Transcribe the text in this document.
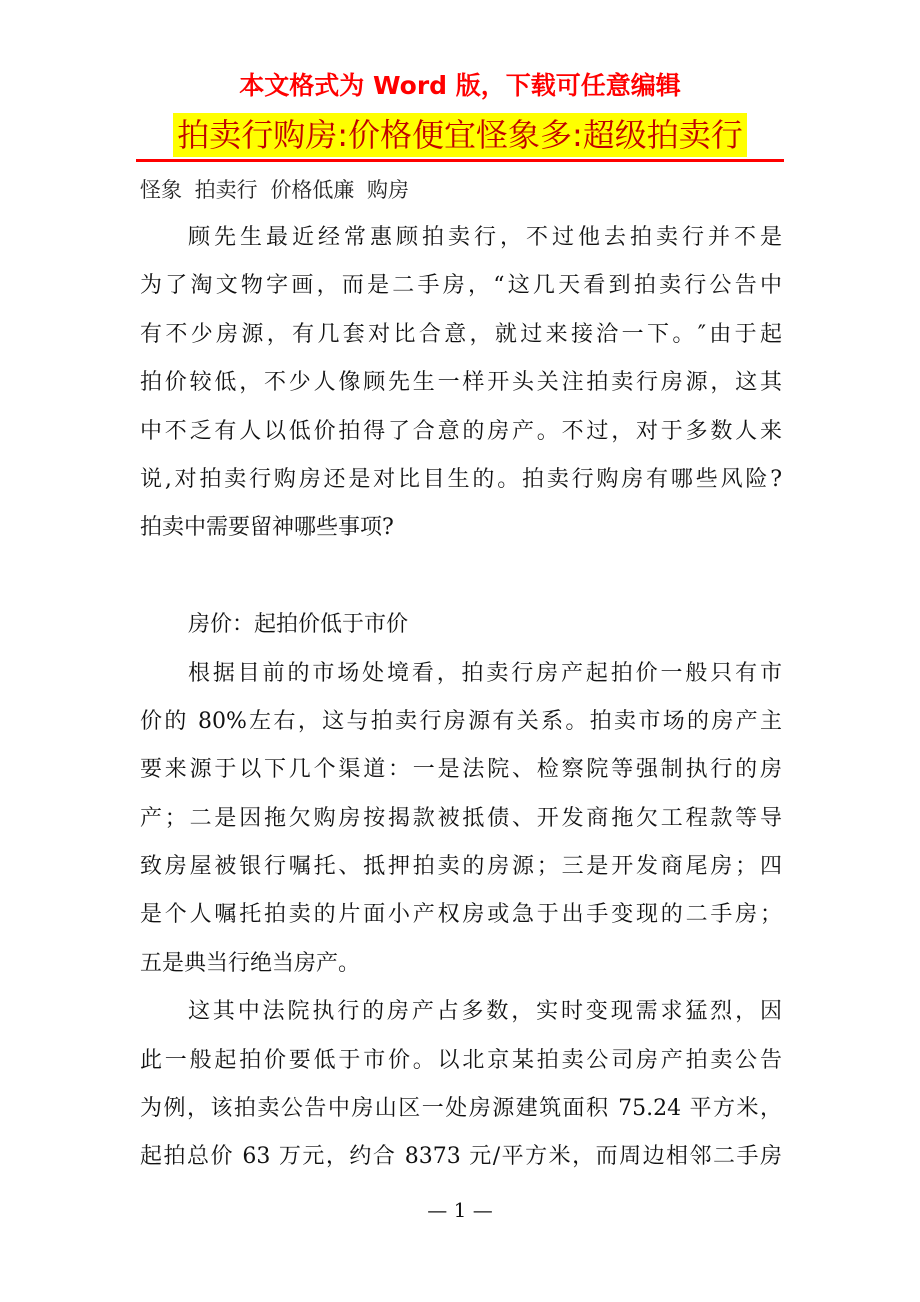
本文格式为 Word 版，下载可任意编辑
拍卖行购房:价格便宜怪象多:超级拍卖行
怪象 拍卖行 价格低廉 购房
顾先生最近经常惠顾拍卖行，不过他去拍卖行并不是
为了淘文物字画，而是二手房，“这几天看到拍卖行公告中
有不少房源，有几套对比合意，就过来接洽一下。″由于起
拍价较低，不少人像顾先生一样开头关注拍卖行房源，这其
中不乏有人以低价拍得了合意的房产。不过，对于多数人来
说,对拍卖行购房还是对比目生的。拍卖行购房有哪些风险?
拍卖中需要留神哪些事项?
房价：起拍价低于市价
根据目前的市场处境看，拍卖行房产起拍价一般只有市
价的 80%左右，这与拍卖行房源有关系。拍卖市场的房产主
要来源于以下几个渠道：一是法院、检察院等强制执行的房
产；二是因拖欠购房按揭款被抵债、开发商拖欠工程款等导
致房屋被银行嘱托、抵押拍卖的房源；三是开发商尾房；四
是个人嘱托拍卖的片面小产权房或急于出手变现的二手房；
五是典当行绝当房产。
这其中法院执行的房产占多数，实时变现需求猛烈，因
此一般起拍价要低于市价。以北京某拍卖公司房产拍卖公告
为例，该拍卖公告中房山区一处房源建筑面积 75.24 平方米，
起拍总价 63 万元，约合 8373 元/平方米，而周边相邻二手房
— 1 —
